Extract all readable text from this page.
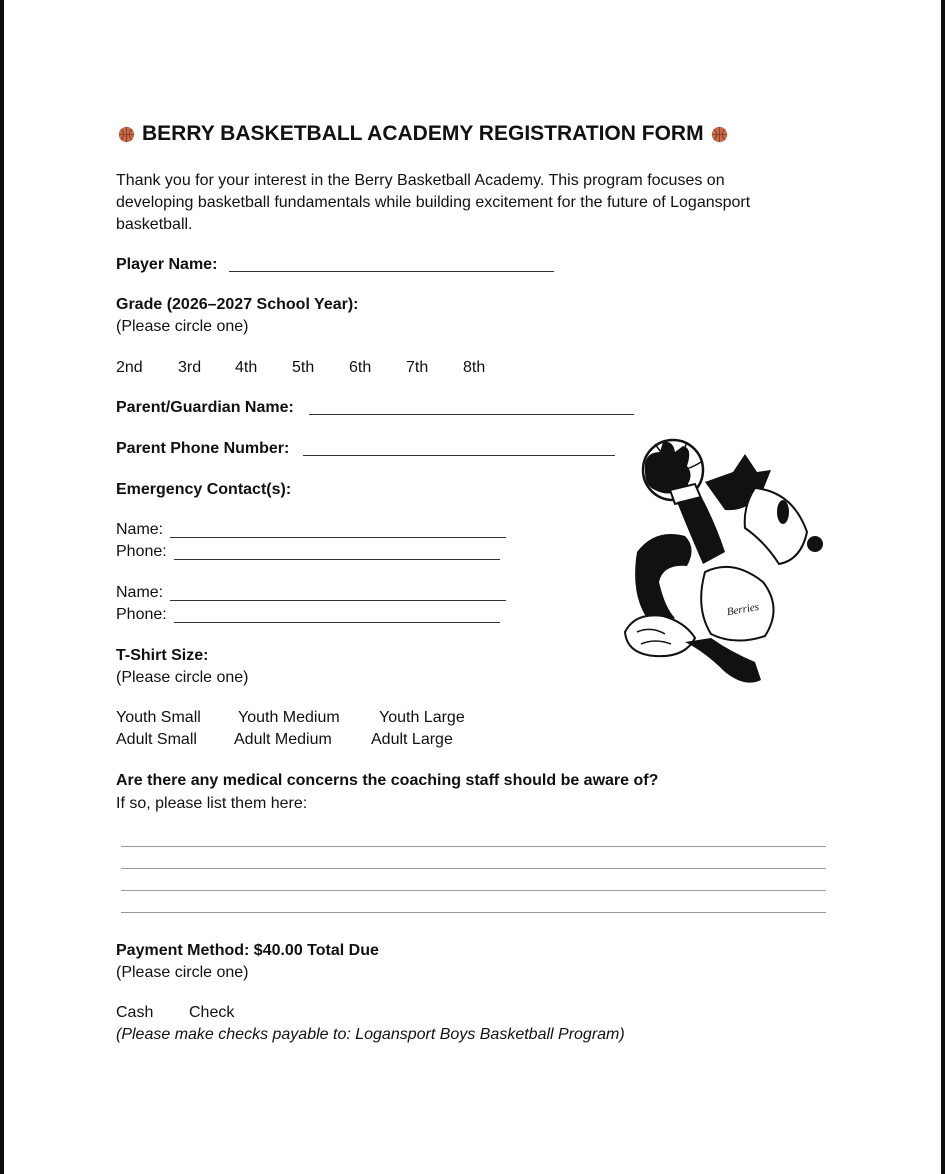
BERRY BASKETBALL ACADEMY REGISTRATION FORM
Thank you for your interest in the Berry Basketball Academy. This program focuses on developing basketball fundamentals while building excitement for the future of Logansport basketball.
Player Name:
Grade (2026–2027 School Year):
(Please circle one)
2nd 3rd 4th 5th 6th 7th 8th
Parent/Guardian Name:
Parent Phone Number:
Emergency Contact(s):
Name:
Phone:
Name:
Phone:	Berries
T-Shirt Size:
(Please circle one)
Youth Small Youth Medium Youth Large
Adult Small Adult Medium Adult Large
Are there any medical concerns the coaching staff should be aware of?
If so, please list them here:
Payment Method: $40.00 Total Due
(Please circle one)
Cash Check
(Please make checks payable to: Logansport Boys Basketball Program)
